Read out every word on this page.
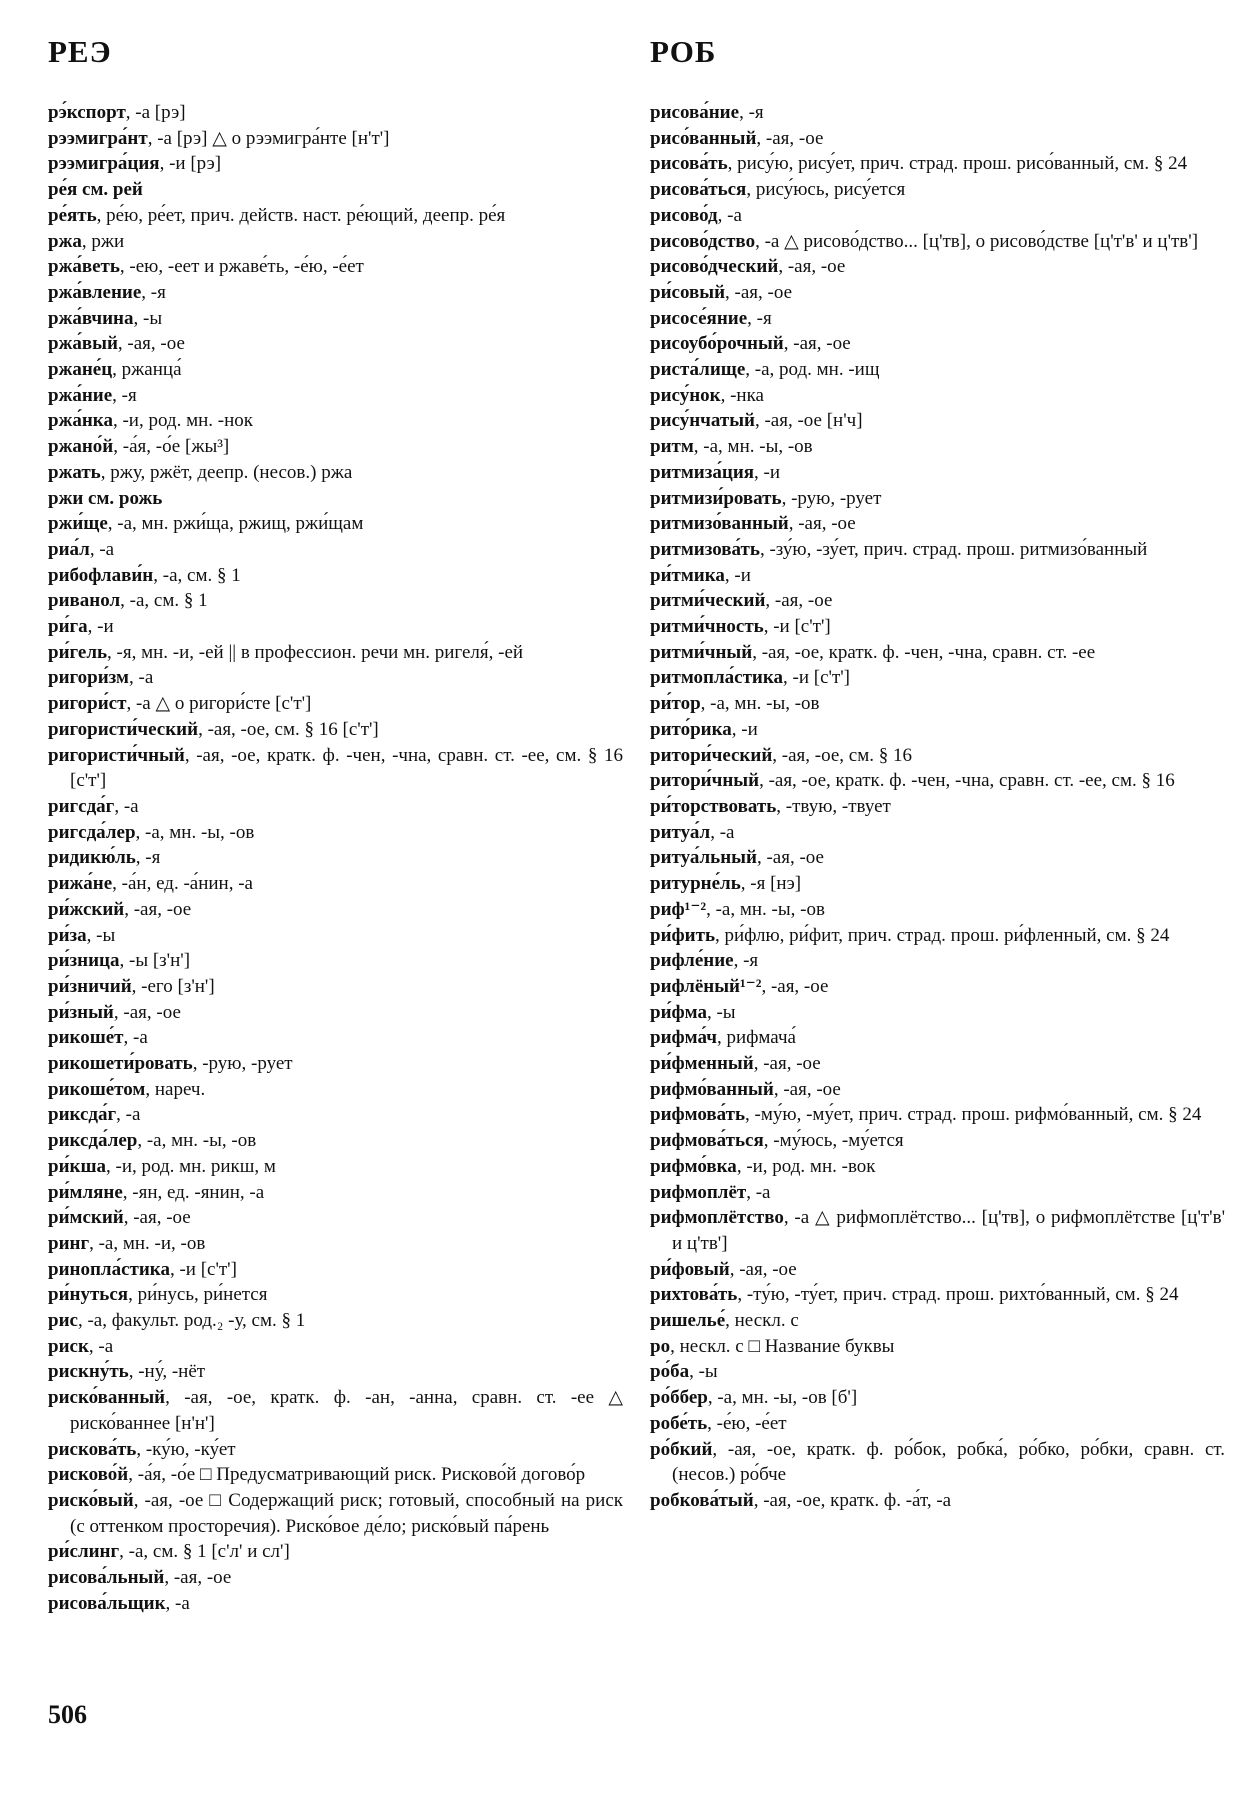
РЕЭ
рэ́кспорт, -а [рэ]
рээмигра́нт, -а [рэ] △ о рээмигра́нте [н'т']
рээмигра́ция, -и [рэ]
ре́я см. рей
ре́ять, ре́ю, ре́ет, прич. действ. наст. ре́ющий, деепр. ре́я
ржа, ржи
ржа́веть, -ею, -еет и ржаве́ть, -е́ю, -е́ет
ржа́вление, -я
ржа́вчина, -ы
ржа́вый, -ая, -ое
ржане́ц, ржанца́
ржа́ние, -я
ржа́нка, -и, род. мн. -нок
ржано́й, -а́я, -о́е [жы³]
ржать, ржу, ржёт, деепр. (несов.) ржа
ржи см. рожь
ржи́ще, -а, мн. ржи́ща, ржищ, ржи́щам
риа́л, -а
рибофлави́н, -а, см. § 1
риванол, -а, см. § 1
ри́га, -и
ри́гель, -я, мн. -и, -ей || в профессион. речи мн. ригеля́, -ей
ригори́зм, -а
ригори́ст, -а △ о ригори́сте [с'т']
ригористи́ческий, -ая, -ое, см. § 16 [с'т']
ригористи́чный, -ая, -ое, кратк. ф. -чен, -чна, сравн. ст. -ее, см. § 16 [с'т']
ригсда́г, -а
ригсда́лер, -а, мн. -ы, -ов
ридикю́ль, -я
рижа́не, -а́н, ед. -а́нин, -а
ри́жский, -ая, -ое
ри́за, -ы
ри́зница, -ы [з'н']
ри́зничий, -его [з'н']
ри́зный, -ая, -ое
рикоше́т, -а
рикошети́ровать, -рую, -рует
рикоше́том, нареч.
риксда́г, -а
риксда́лер, -а, мн. -ы, -ов
ри́кша, -и, род. мн. рикш, м
ри́мляне, -ян, ед. -янин, -а
ри́мский, -ая, -ое
ринг, -а, мн. -и, -ов
ринопла́стика, -и [с'т']
ри́нуться, ри́нусь, ри́нется
рис, -а, факульт. род.₂ -у, см. § 1
риск, -а
рискну́ть, -ну́, -нёт
риско́ванный, -ая, -ое, кратк. ф. -ан, -анна, сравн. ст. -ее △ риско́ваннее [н'н']
рискова́ть, -ку́ю, -ку́ет
рисково́й, -а́я, -о́е □ Предусматривающий риск. Рисково́й догово́р
риско́вый, -ая, -ое □ Содержащий риск; готовый, способный на риск (с оттенком просторечия). Риско́вое де́ло; риско́вый па́рень
ри́слинг, -а, см. § 1 [с'л' и сл']
рисова́льный, -ая, -ое
рисова́льщик, -а
РОБ
рисова́ние, -я
рисо́ванный, -ая, -ое
рисова́ть, рису́ю, рису́ет, прич. страд. прош. рисо́ванный, см. § 24
рисова́ться, рису́юсь, рису́ется
рисово́д, -а
рисово́дство, -а △ рисово́дство... [ц'тв], о рисово́дстве [ц'т'в' и ц'тв']
рисово́дческий, -ая, -ое
ри́совый, -ая, -ое
рисосе́яние, -я
рисоубо́рочный, -ая, -ое
риста́лище, -а, род. мн. -ищ
рису́нок, -нка
рису́нчатый, -ая, -ое [н'ч]
ритм, -а, мн. -ы, -ов
ритмиза́ция, -и
ритмизи́ровать, -рую, -рует
ритмизо́ванный, -ая, -ое
ритмизова́ть, -зу́ю, -зу́ет, прич. страд. прош. ритмизо́ванный
ри́тмика, -и
ритми́ческий, -ая, -ое
ритми́чность, -и [с'т']
ритми́чный, -ая, -ое, кратк. ф. -чен, -чна, сравн. ст. -ее
ритмопла́стика, -и [с'т']
ри́тор, -а, мн. -ы, -ов
рито́рика, -и
ритори́ческий, -ая, -ое, см. § 16
ритори́чный, -ая, -ое, кратк. ф. -чен, -чна, сравн. ст. -ее, см. § 16
ри́торствовать, -твую, -твует
ритуа́л, -а
ритуа́льный, -ая, -ое
ритурне́ль, -я [нэ]
риф¹⁻², -а, мн. -ы, -ов
ри́фить, ри́флю, ри́фит, прич. страд. прош. ри́фленный, см. § 24
рифле́ние, -я
рифлёный¹⁻², -ая, -ое
ри́фма, -ы
рифма́ч, рифмача́
ри́фменный, -ая, -ое
рифмо́ванный, -ая, -ое
рифмова́ть, -му́ю, -му́ет, прич. страд. прош. рифмо́ванный, см. § 24
рифмова́ться, -му́юсь, -му́ется
рифмо́вка, -и, род. мн. -вок
рифмоплёт, -а
рифмоплётство, -а △ рифмоплётство... [ц'тв], о рифмоплётстве [ц'т'в' и ц'тв']
ри́фовый, -ая, -ое
рихтова́ть, -ту́ю, -ту́ет, прич. страд. прош. рихто́ванный, см. § 24
ришелье́, нескл. с
ро, нескл. с □ Название буквы
ро́ба, -ы
ро́ббер, -а, мн. -ы, -ов [б']
робе́ть, -е́ю, -е́ет
ро́бкий, -ая, -ое, кратк. ф. ро́бок, робка́, ро́бко, ро́бки, сравн. ст. (несов.) ро́бче
робкова́тый, -ая, -ое, кратк. ф. -а́т, -а
506
